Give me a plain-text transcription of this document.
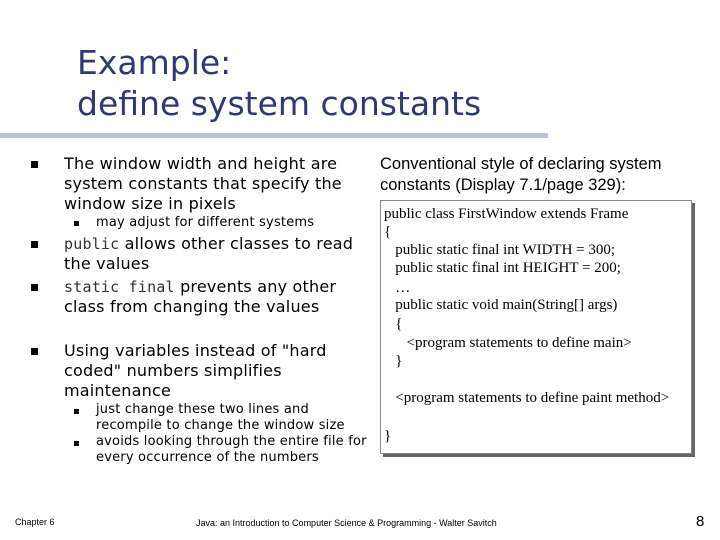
Example:
define system constants
The window width and height are system constants that specify the window size in pixels
may adjust for different systems
public allows other classes to read the values
static final prevents any other class from changing the values
Using variables instead of "hard coded" numbers simplifies maintenance
just change these two lines and recompile to change the window size
avoids looking through the entire file for every occurrence of the numbers
Conventional style of declaring system constants (Display 7.1/page 329):
public class FirstWindow extends Frame
{
public static final int WIDTH = 300;
public static final int HEIGHT = 200;
…
public static void main(String[] args)
{
<program statements to define main>
}
<program statements to define paint method>
}
Chapter 6	Java: an Introduction to Computer Science & Programming - Walter Savitch	8
